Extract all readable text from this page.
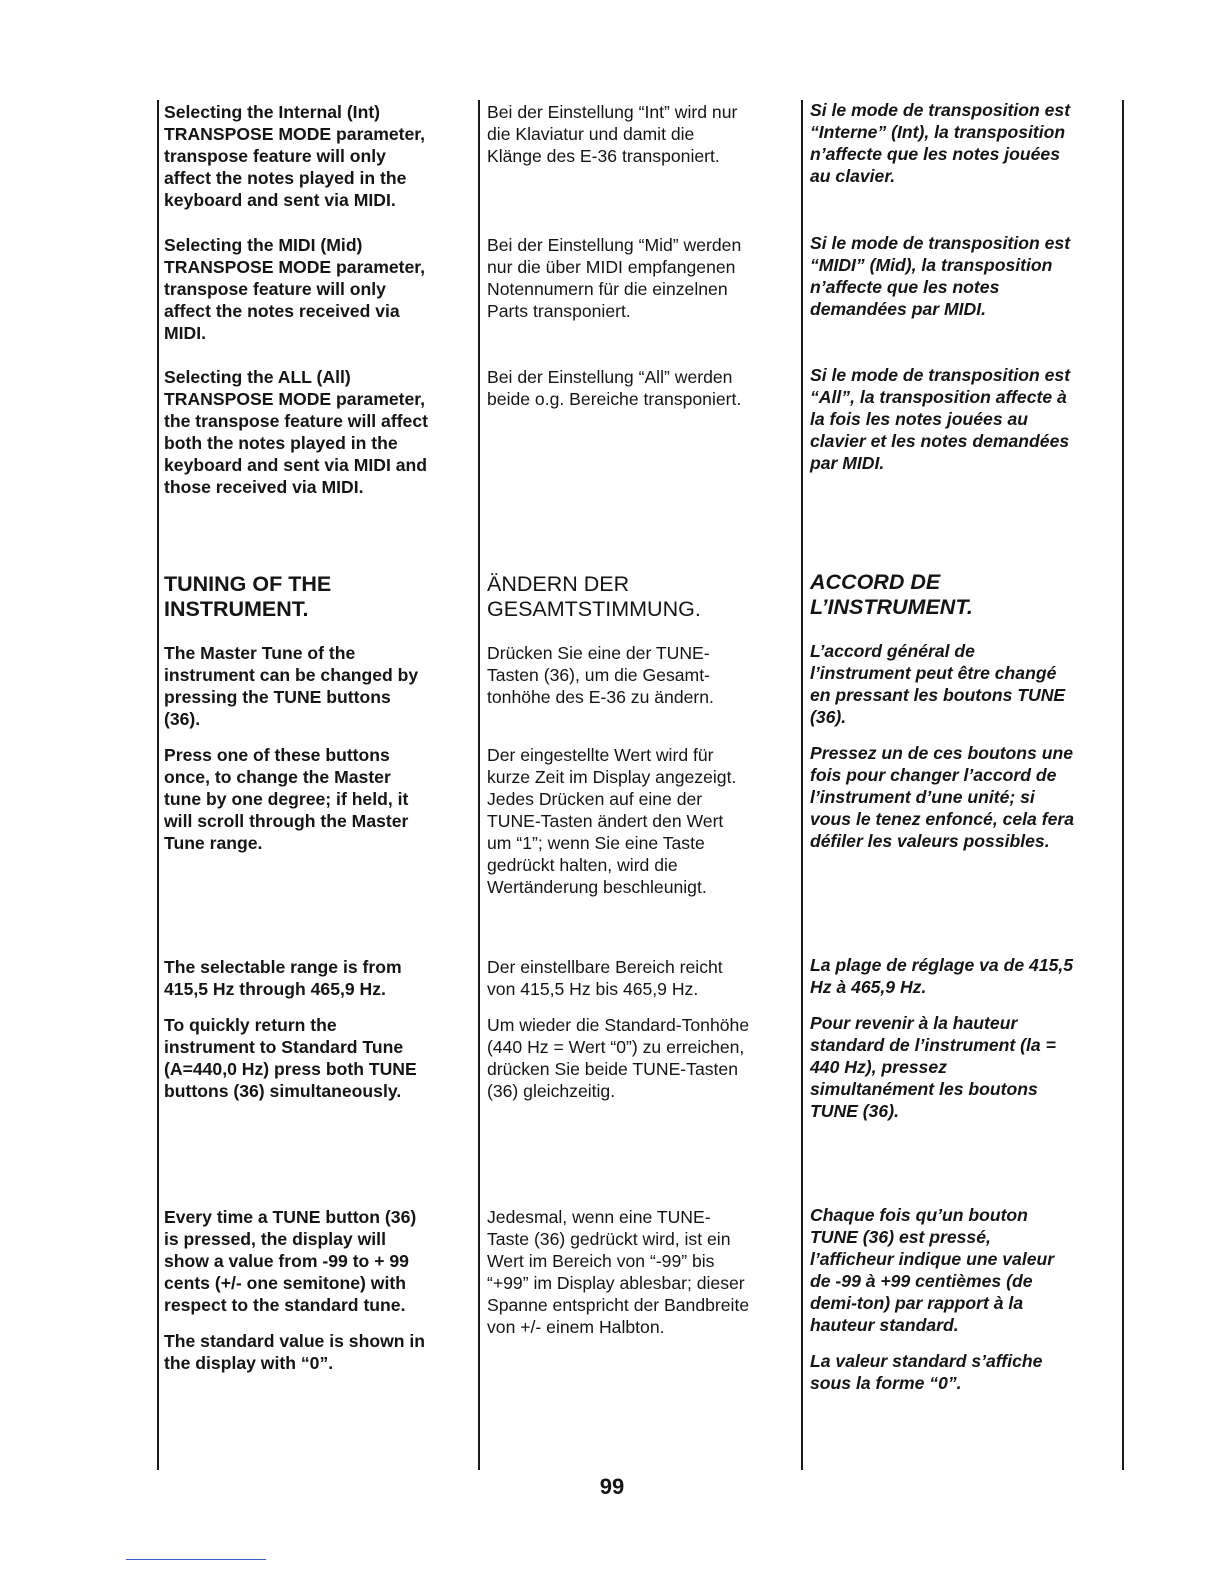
Selecting the Internal (Int)
TRANSPOSE MODE parameter,
transpose feature will only
affect the notes played in the
keyboard and sent via MIDI.

Selecting the MIDI (Mid)
TRANSPOSE MODE parameter,
transpose feature will only
affect the notes received via
MIDI.

Selecting the ALL (All)
TRANSPOSE MODE parameter,
the transpose feature will affect
both the notes played in the
keyboard and sent via MIDI and
those received via MIDI.

TUNING OF THE
INSTRUMENT.

The Master Tune of the
instrument can be changed by
pressing the TUNE buttons
(36).

Press one of these buttons
once, to change the Master
tune by one degree; if held, it
will scroll through the Master
Tune range.

The selectable range is from
415,5 Hz through 465,9 Hz.

To quickly return the
instrument to Standard Tune
(A=440,0 Hz) press both TUNE
buttons (36) simultaneously.

Every time a TUNE button (36)
is pressed, the display will
show a value from -99 to + 99
cents (+/- one semitone) with
respect to the standard tune.

The standard value is shown in
the display with “0”.

Bei der Einstellung “Int” wird nur
die Klaviatur und damit die
Klänge des E-36 transponiert.

Bei der Einstellung “Mid” werden
nur die über MIDI empfangenen
Notennumern für die einzelnen
Parts transponiert.

Bei der Einstellung “All” werden
beide o.g. Bereiche transponiert.

ÄNDERN DER
GESAMTSTIMMUNG.

Drücken Sie eine der TUNE-
Tasten (36), um die Gesamt-
tonhöhe des E-36 zu ändern.

Der eingestellte Wert wird für
kurze Zeit im Display angezeigt.
Jedes Drücken auf eine der
TUNE-Tasten ändert den Wert
um “1”; wenn Sie eine Taste
gedrückt halten, wird die
Wertänderung beschleunigt.

Der einstellbare Bereich reicht
von 415,5 Hz bis 465,9 Hz.

Um wieder die Standard-Tonhöhe
(440 Hz = Wert “0”) zu erreichen,
drücken Sie beide TUNE-Tasten
(36) gleichzeitig.

Jedesmal, wenn eine TUNE-
Taste (36) gedrückt wird, ist ein
Wert im Bereich von “-99” bis
“+99” im Display ablesbar; dieser
Spanne entspricht der Bandbreite
von +/- einem Halbton.

Si le mode de transposition est
“Interne” (Int), la transposition
n’affecte que les notes jouées
au clavier.

Si le mode de transposition est
“MIDI” (Mid), la transposition
n’affecte que les notes
demandées par MIDI.

Si le mode de transposition est
“All”, la transposition affecte à
la fois les notes jouées au
clavier et les notes demandées
par MIDI.

ACCORD DE
L’INSTRUMENT.

L’accord général de
l’instrument peut être changé
en pressant les boutons TUNE
(36).

Pressez un de ces boutons une
fois pour changer l’accord de
l’instrument d’une unité; si
vous le tenez enfoncé, cela fera
défiler les valeurs possibles.

La plage de réglage va de 415,5
Hz à 465,9 Hz.

Pour revenir à la hauteur
standard de l’instrument (la =
440 Hz), pressez
simultanément les boutons
TUNE (36).

Chaque fois qu’un bouton
TUNE (36) est pressé,
l’afficheur indique une valeur
de -99 à +99 centièmes (de
demi-ton) par rapport à la
hauteur standard.

La valeur standard s’affiche
sous la forme “0”.

99
